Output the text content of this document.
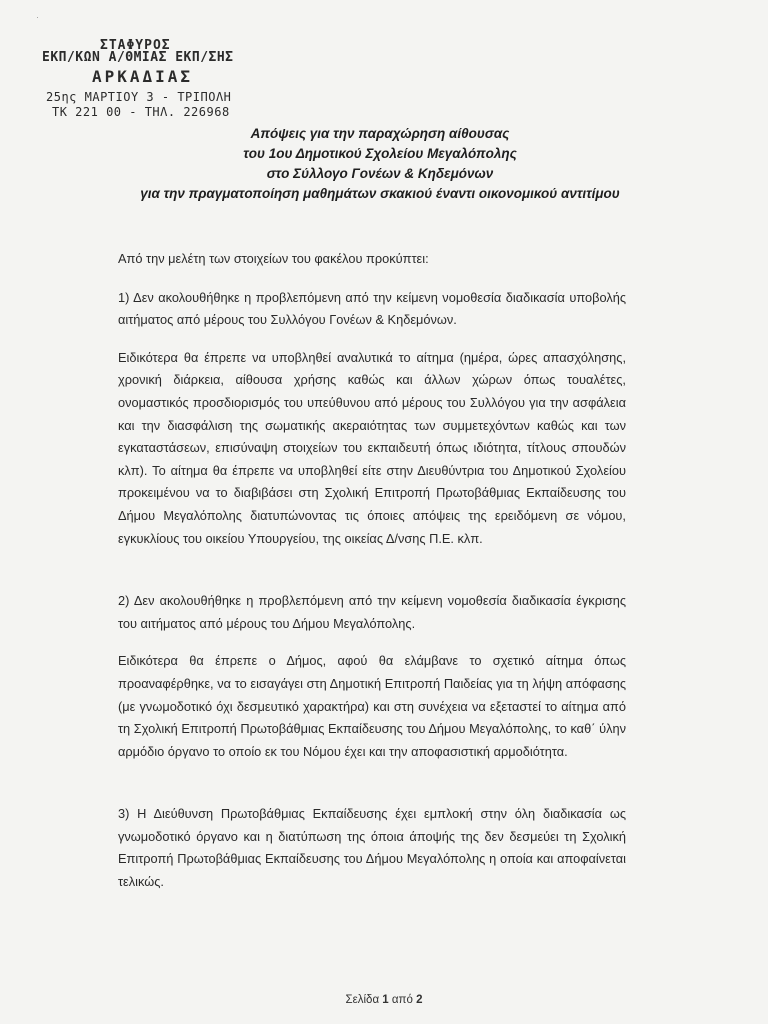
·
ΣΤΑΦΥΡΟΣ
ΕΚΠ/ΚΩΝ Α/ΘΜΙΑΣ ΕΚΠ/ΣΗΣ
ΑΡΚΑΔΙΑΣ
25ης ΜΑΡΤΙΟΥ 3 - ΤΡΙΠΟΛΗ
ΤΚ 221 00 - ΤΗΛ. 226968
Απόψεις για την παραχώρηση αίθουσας
του 1ου Δημοτικού Σχολείου Μεγαλόπολης
στο Σύλλογο Γονέων & Κηδεμόνων
για την πραγματοποίηση μαθημάτων σκακιού έναντι οικονομικού αντιτίμου

Από την μελέτη των στοιχείων του φακέλου προκύπτει:

1) Δεν ακολουθήθηκε η προβλεπόμενη από την κείμενη νομοθεσία διαδικασία υποβολής αιτήματος από μέρους του Συλλόγου Γονέων & Κηδεμόνων.

Ειδικότερα θα έπρεπε να υποβληθεί αναλυτικά το αίτημα (ημέρα, ώρες απασχόλησης, χρονική διάρκεια, αίθουσα χρήσης καθώς και άλλων χώρων όπως τουαλέτες, ονομαστικός προσδιορισμός του υπεύθυνου από μέρους του Συλλόγου για την ασφάλεια και την διασφάλιση της σωματικής ακεραιότητας των συμμετεχόντων καθώς και των εγκαταστάσεων, επισύναψη στοιχείων του εκπαιδευτή όπως ιδιότητα, τίτλους σπουδών κλπ). Το αίτημα θα έπρεπε να υποβληθεί είτε στην Διευθύντρια του Δημοτικού Σχολείου προκειμένου να το διαβιβάσει στη Σχολική Επιτροπή Πρωτοβάθμιας Εκπαίδευσης του Δήμου Μεγαλόπολης διατυπώνοντας τις όποιες απόψεις της ερειδόμενη σε νόμου, εγκυκλίους του οικείου Υπουργείου, της οικείας Δ/νσης Π.Ε. κλπ.

2) Δεν ακολουθήθηκε η προβλεπόμενη από την κείμενη νομοθεσία διαδικασία έγκρισης του αιτήματος από μέρους του Δήμου Μεγαλόπολης.

Ειδικότερα θα έπρεπε ο Δήμος, αφού θα ελάμβανε το σχετικό αίτημα όπως προαναφέρθηκε, να το εισαγάγει στη Δημοτική Επιτροπή Παιδείας για τη λήψη απόφασης (με γνωμοδοτικό όχι δεσμευτικό χαρακτήρα) και στη συνέχεια να εξεταστεί το αίτημα από τη Σχολική Επιτροπή Πρωτοβάθμιας Εκπαίδευσης του Δήμου Μεγαλόπολης, το καθ΄ ύλην αρμόδιο όργανο το οποίο εκ του Νόμου έχει και την αποφασιστική αρμοδιότητα.

3) Η Διεύθυνση Πρωτοβάθμιας Εκπαίδευσης έχει εμπλοκή στην όλη διαδικασία ως γνωμοδοτικό όργανο και η διατύπωση της όποια άποψής της δεν δεσμεύει τη Σχολική Επιτροπή Πρωτοβάθμιας Εκπαίδευσης του Δήμου Μεγαλόπολης η οποία και αποφαίνεται τελικώς.

Σελίδα 1 από 2
